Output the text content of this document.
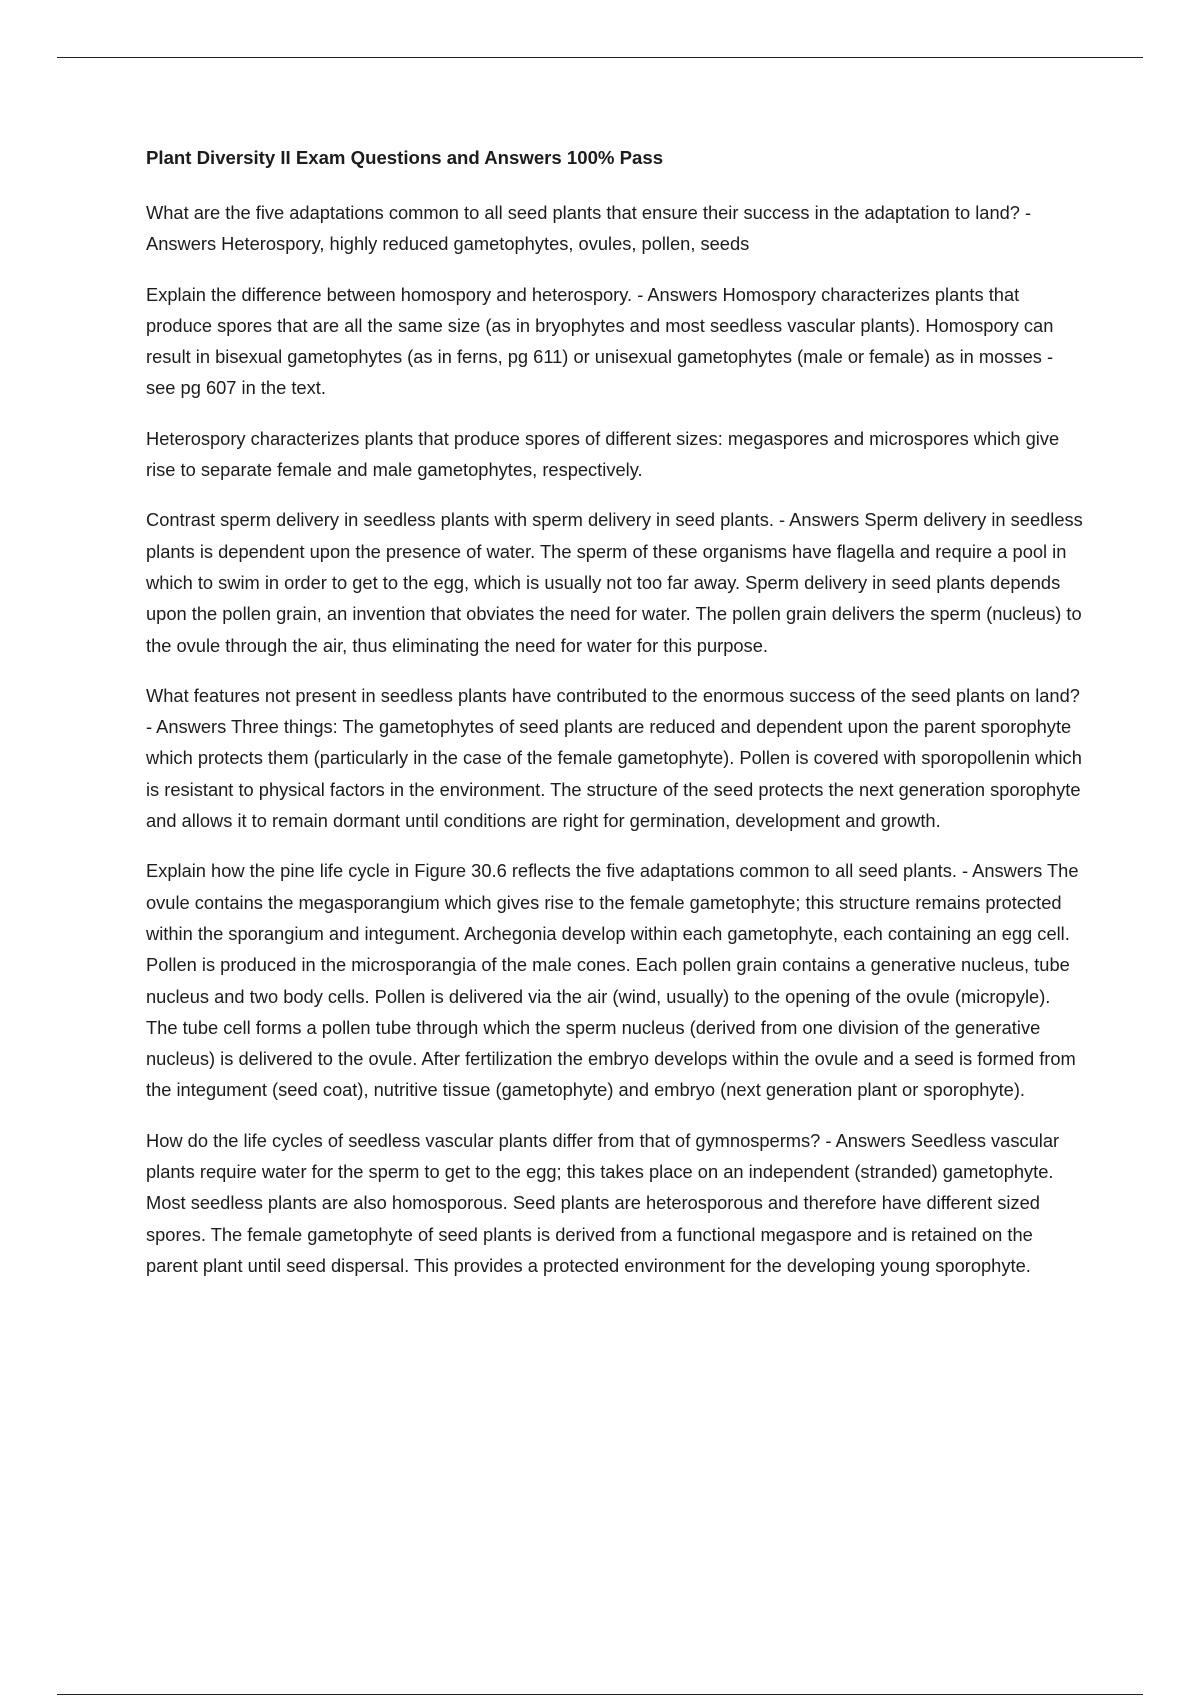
Plant Diversity II Exam Questions and Answers 100% Pass

What are the five adaptations common to all seed plants that ensure their success in the adaptation to land? - Answers Heterospory, highly reduced gametophytes, ovules, pollen, seeds

Explain the difference between homospory and heterospory. - Answers Homospory characterizes plants that produce spores that are all the same size (as in bryophytes and most seedless vascular plants). Homospory can result in bisexual gametophytes (as in ferns, pg 611) or unisexual gametophytes (male or female) as in mosses - see pg 607 in the text.

Heterospory characterizes plants that produce spores of different sizes: megaspores and microspores which give rise to separate female and male gametophytes, respectively.

Contrast sperm delivery in seedless plants with sperm delivery in seed plants. - Answers Sperm delivery in seedless plants is dependent upon the presence of water. The sperm of these organisms have flagella and require a pool in which to swim in order to get to the egg, which is usually not too far away. Sperm delivery in seed plants depends upon the pollen grain, an invention that obviates the need for water. The pollen grain delivers the sperm (nucleus) to the ovule through the air, thus eliminating the need for water for this purpose.

What features not present in seedless plants have contributed to the enormous success of the seed plants on land? - Answers Three things: The gametophytes of seed plants are reduced and dependent upon the parent sporophyte which protects them (particularly in the case of the female gametophyte). Pollen is covered with sporopollenin which is resistant to physical factors in the environment. The structure of the seed protects the next generation sporophyte and allows it to remain dormant until conditions are right for germination, development and growth.

Explain how the pine life cycle in Figure 30.6 reflects the five adaptations common to all seed plants. - Answers The ovule contains the megasporangium which gives rise to the female gametophyte; this structure remains protected within the sporangium and integument. Archegonia develop within each gametophyte, each containing an egg cell. Pollen is produced in the microsporangia of the male cones. Each pollen grain contains a generative nucleus, tube nucleus and two body cells. Pollen is delivered via the air (wind, usually) to the opening of the ovule (micropyle). The tube cell forms a pollen tube through which the sperm nucleus (derived from one division of the generative nucleus) is delivered to the ovule. After fertilization the embryo develops within the ovule and a seed is formed from the integument (seed coat), nutritive tissue (gametophyte) and embryo (next generation plant or sporophyte).

How do the life cycles of seedless vascular plants differ from that of gymnosperms? - Answers Seedless vascular plants require water for the sperm to get to the egg; this takes place on an independent (stranded) gametophyte. Most seedless plants are also homosporous. Seed plants are heterosporous and therefore have different sized spores. The female gametophyte of seed plants is derived from a functional megaspore and is retained on the parent plant until seed dispersal. This provides a protected environment for the developing young sporophyte.
